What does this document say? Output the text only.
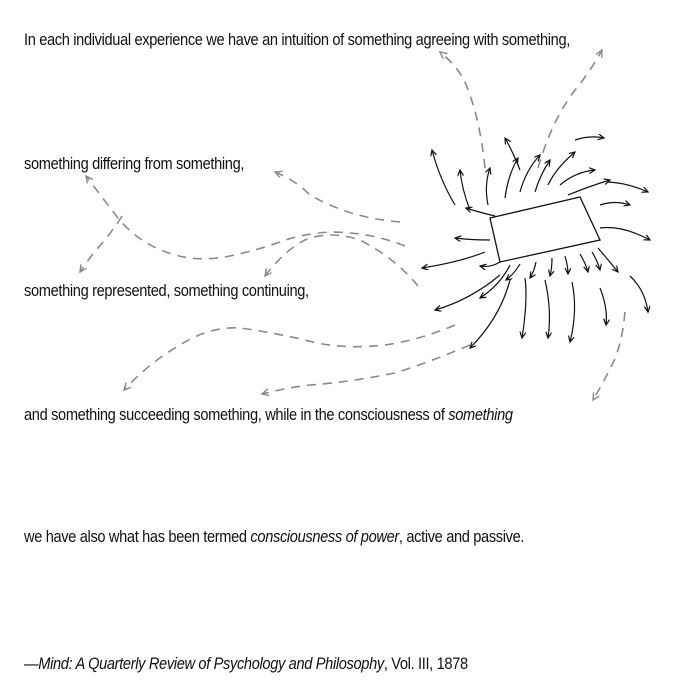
In each individual experience we have an intuition of something agreeing with something,
something differing from something,
something represented, something continuing,
and something succeeding something, while in the consciousness of something
we have also what has been termed consciousness of power, active and passive.
—Mind: A Quarterly Review of Psychology and Philosophy, Vol. III, 1878
